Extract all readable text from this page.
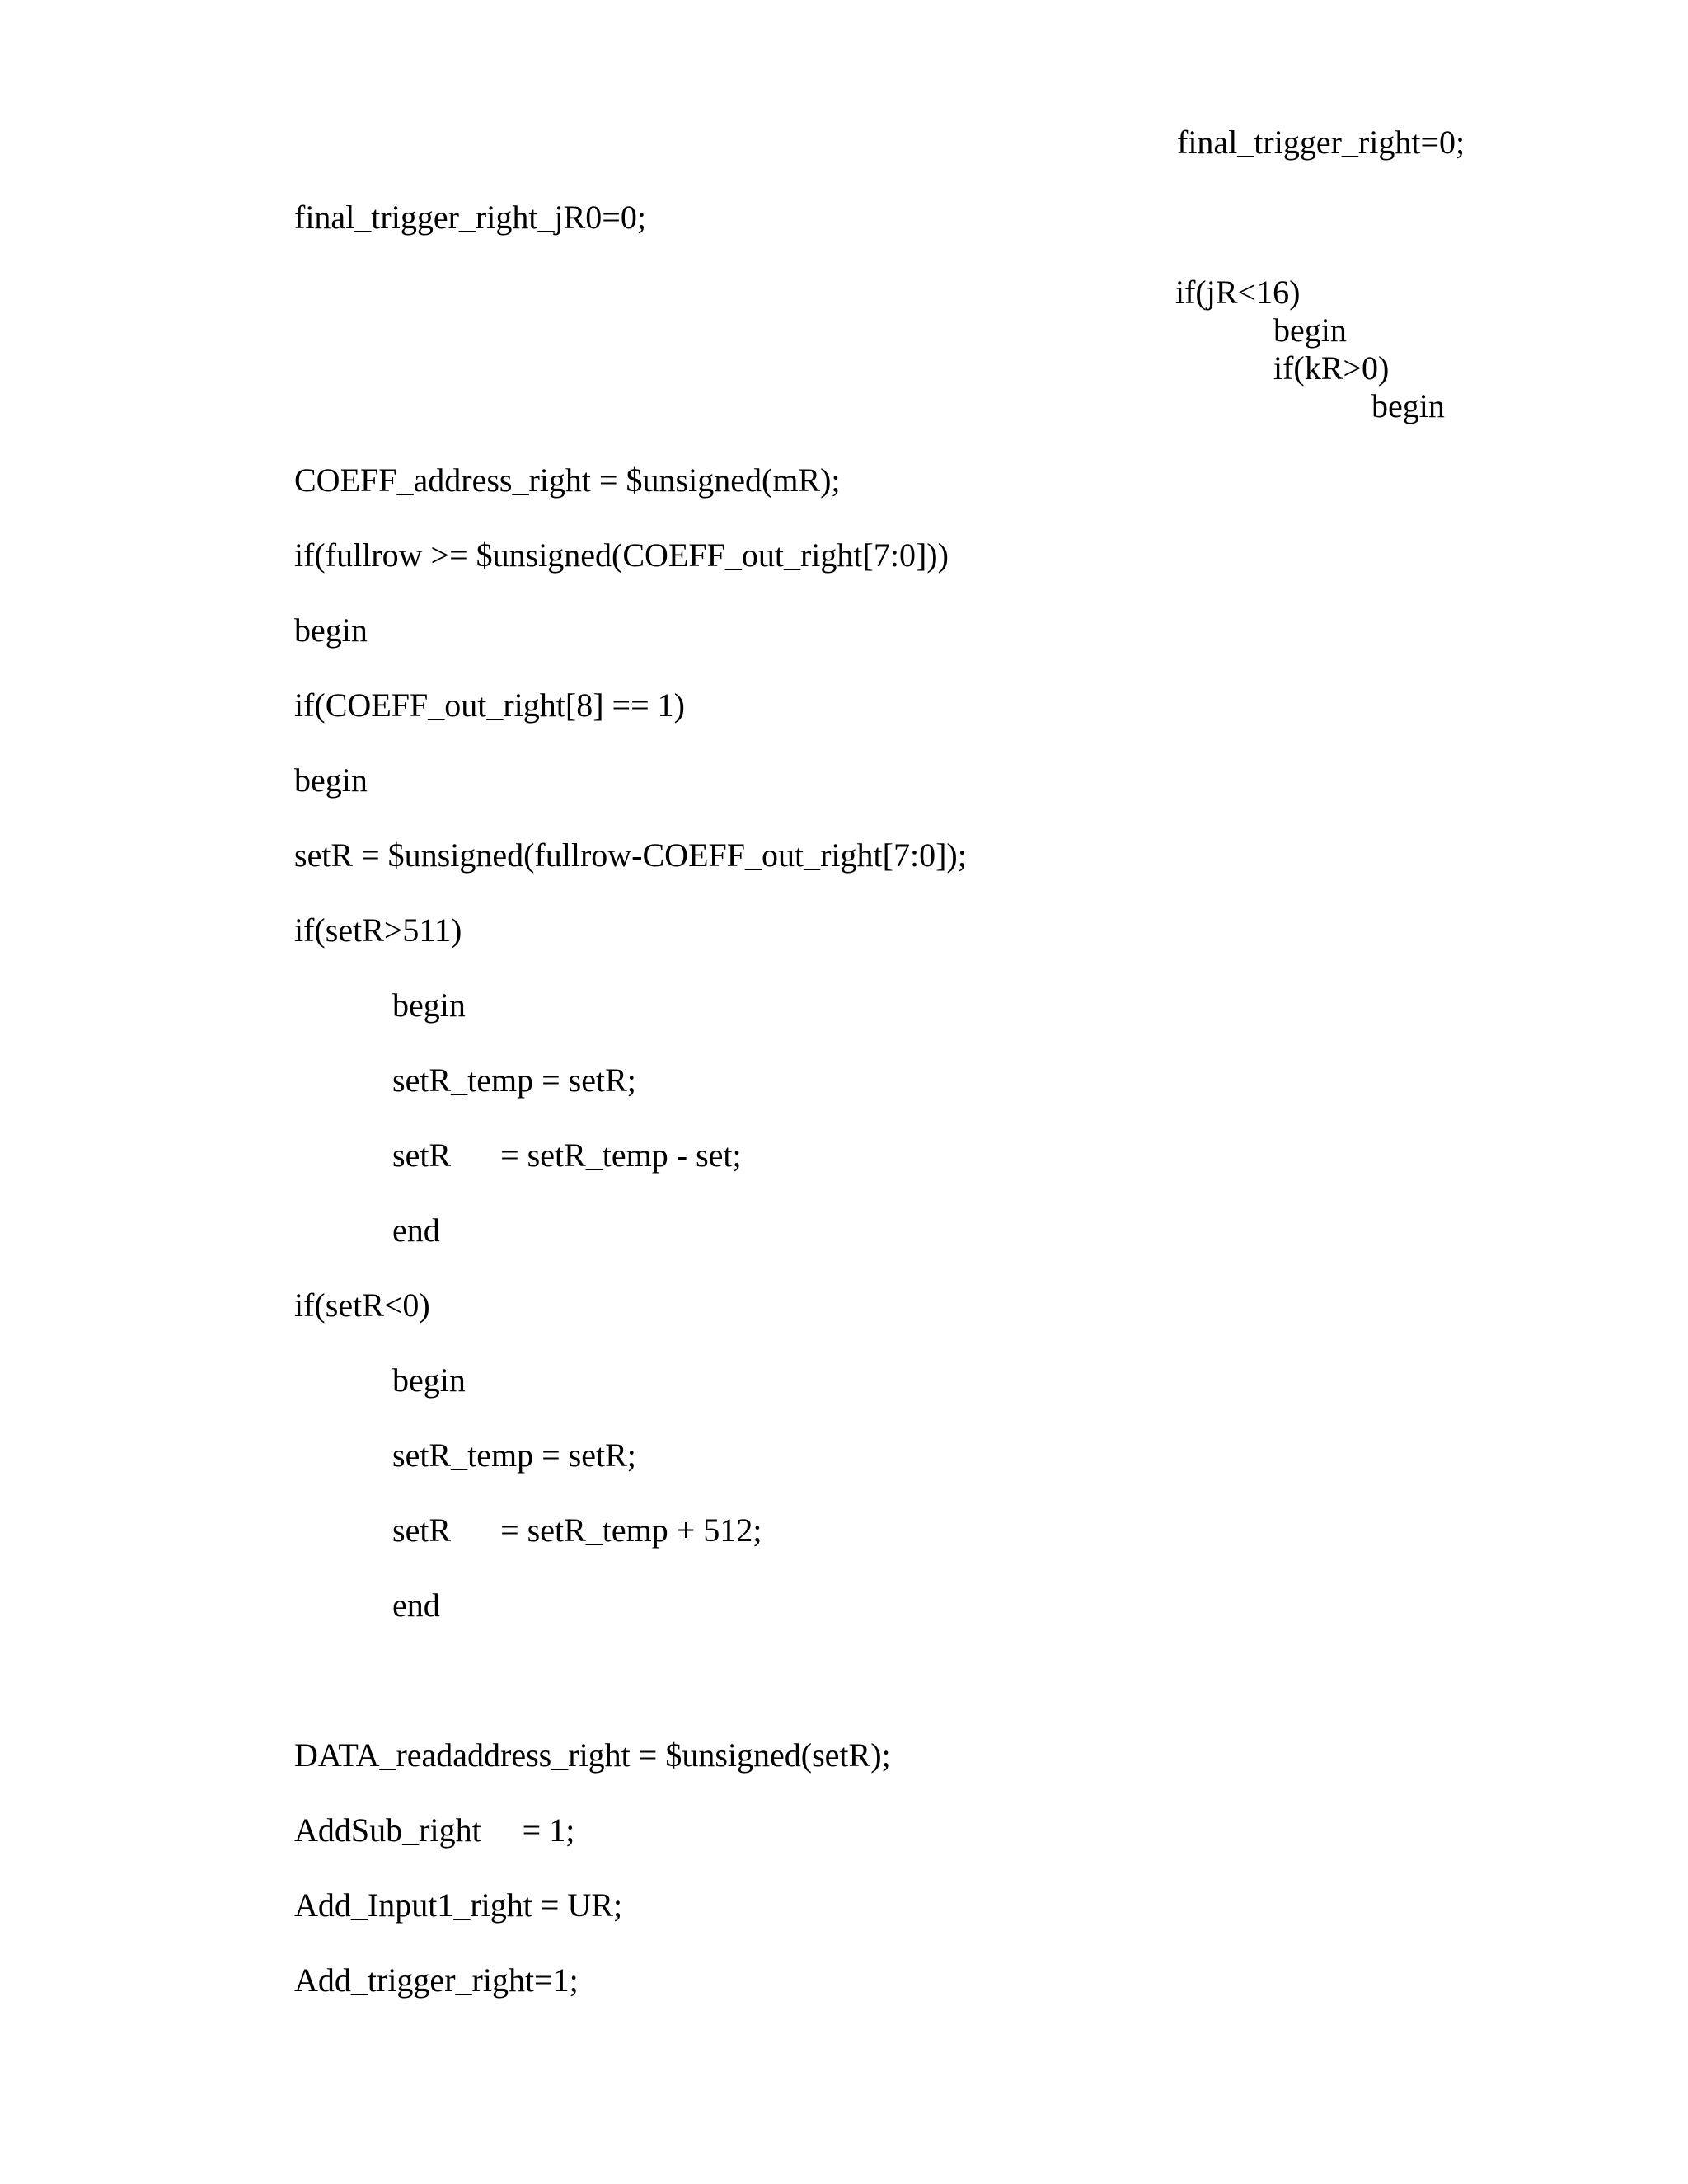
final_trigger_right=0;
final_trigger_right_jR0=0;
if(jR<16)
begin
if(kR>0)
begin
COEFF_address_right = $unsigned(mR);
if(fullrow >= $unsigned(COEFF_out_right[7:0]))
begin
if(COEFF_out_right[8] == 1)
begin
setR = $unsigned(fullrow-COEFF_out_right[7:0]);
if(setR>511)
begin
setR_temp = setR;
setR      = setR_temp - set;
end
if(setR<0)
begin
setR_temp = setR;
setR      = setR_temp + 512;
end
DATA_readaddress_right = $unsigned(setR);
AddSub_right     = 1;
Add_Input1_right = UR;
Add_trigger_right=1;
